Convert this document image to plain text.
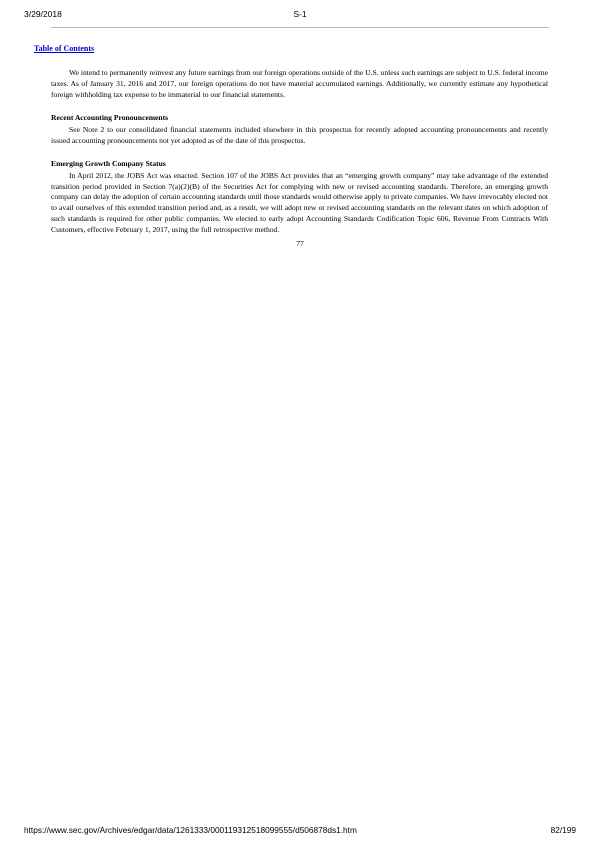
3/29/2018	S-1
Table of Contents

We intend to permanently reinvest any future earnings from our foreign operations outside of the U.S. unless such earnings are subject to U.S. federal income taxes. As of January 31, 2016 and 2017, our foreign operations do not have material accumulated earnings. Additionally, we currently estimate any hypothetical foreign withholding tax expense to be immaterial to our financial statements.

Recent Accounting Pronouncements

See Note 2 to our consolidated financial statements included elsewhere in this prospectus for recently adopted accounting pronouncements and recently issued accounting pronouncements not yet adopted as of the date of this prospectus.

Emerging Growth Company Status

In April 2012, the JOBS Act was enacted. Section 107 of the JOBS Act provides that an “emerging growth company” may take advantage of the extended transition period provided in Section 7(a)(2)(B) of the Securities Act for complying with new or revised accounting standards. Therefore, an emerging growth company can delay the adoption of certain accounting standards until those standards would otherwise apply to private companies. We have irrevocably elected not to avail ourselves of this extended transition period and, as a result, we will adopt new or revised accounting standards on the relevant dates on which adoption of such standards is required for other public companies. We elected to early adopt Accounting Standards Codification Topic 606, Revenue From Contracts With Customers, effective February 1, 2017, using the full retrospective method.

77
https://www.sec.gov/Archives/edgar/data/1261333/000119312518099555/d506878ds1.htm	82/199
